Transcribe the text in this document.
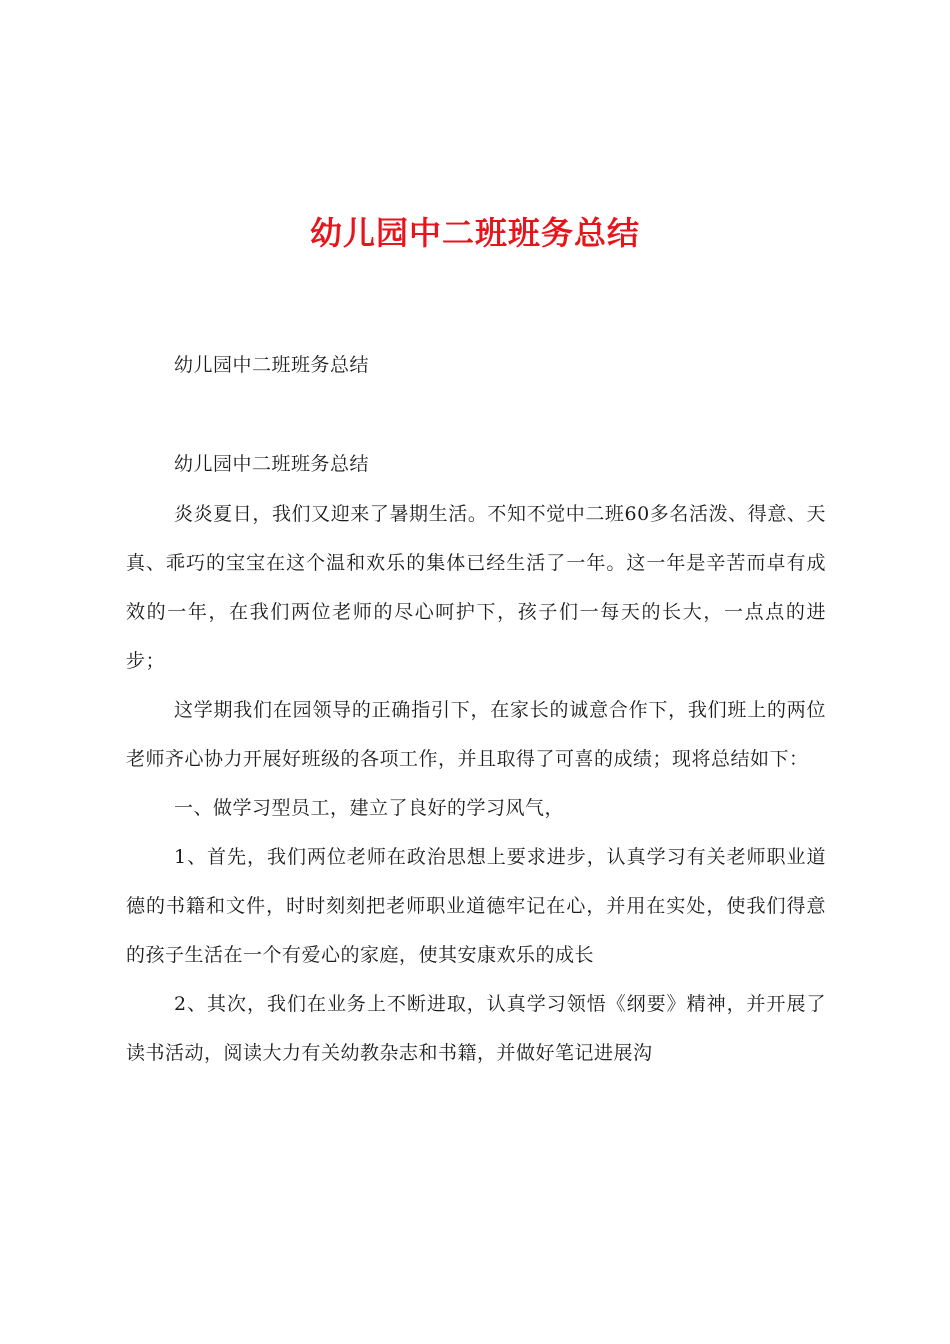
幼儿园中二班班务总结
幼儿园中二班班务总结
幼儿园中二班班务总结

炎炎夏日，我们又迎来了暑期生活。不知不觉中二班60多名活泼、得意、天真、乖巧的宝宝在这个温和欢乐的集体已经生活了一年。这一年是辛苦而卓有成效的一年，在我们两位老师的尽心呵护下，孩子们一每天的长大，一点点的进步；

这学期我们在园领导的正确指引下，在家长的诚意合作下，我们班上的两位老师齐心协力开展好班级的各项工作，并且取得了可喜的成绩；现将总结如下：

一、做学习型员工，建立了良好的学习风气，

1、首先，我们两位老师在政治思想上要求进步，认真学习有关老师职业道德的书籍和文件，时时刻刻把老师职业道德牢记在心，并用在实处，使我们得意的孩子生活在一个有爱心的家庭，使其安康欢乐的成长

2、其次，我们在业务上不断进取，认真学习领悟《纲要》精神，并开展了读书活动，阅读大力有关幼教杂志和书籍，并做好笔记进展沟
